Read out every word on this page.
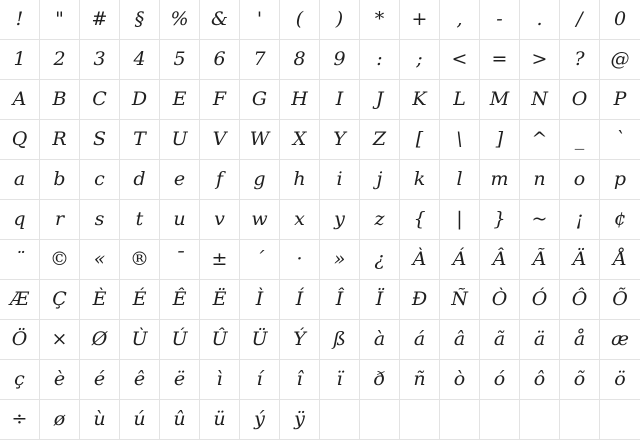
! " # § % & ' ( ) * + , - . / 0
1 2 3 4 5 6 7 8 9 : ; < = > ? @
A B C D E F G H I J K L M N O P
Q R S T U V W X Y Z [ \ ] ^ _ `
a b c d e f g h i j k l m n o p
q r s t u v w x y z { | } ~ ¡ ¢
¨ © « ® ¯ ± ´ · » ¿ À Á Â Ã Ä Å
Æ Ç È É Ê Ë Ì Í Î Ï Ð Ñ Ò Ó Ô Õ
Ö × Ø Ù Ú Û Ü Ý ß à á â ã ä å æ
ç è é ê ë ì í î ï ð ñ ò ó ô õ ö
÷ ø ù ú û ü ý ÿ
